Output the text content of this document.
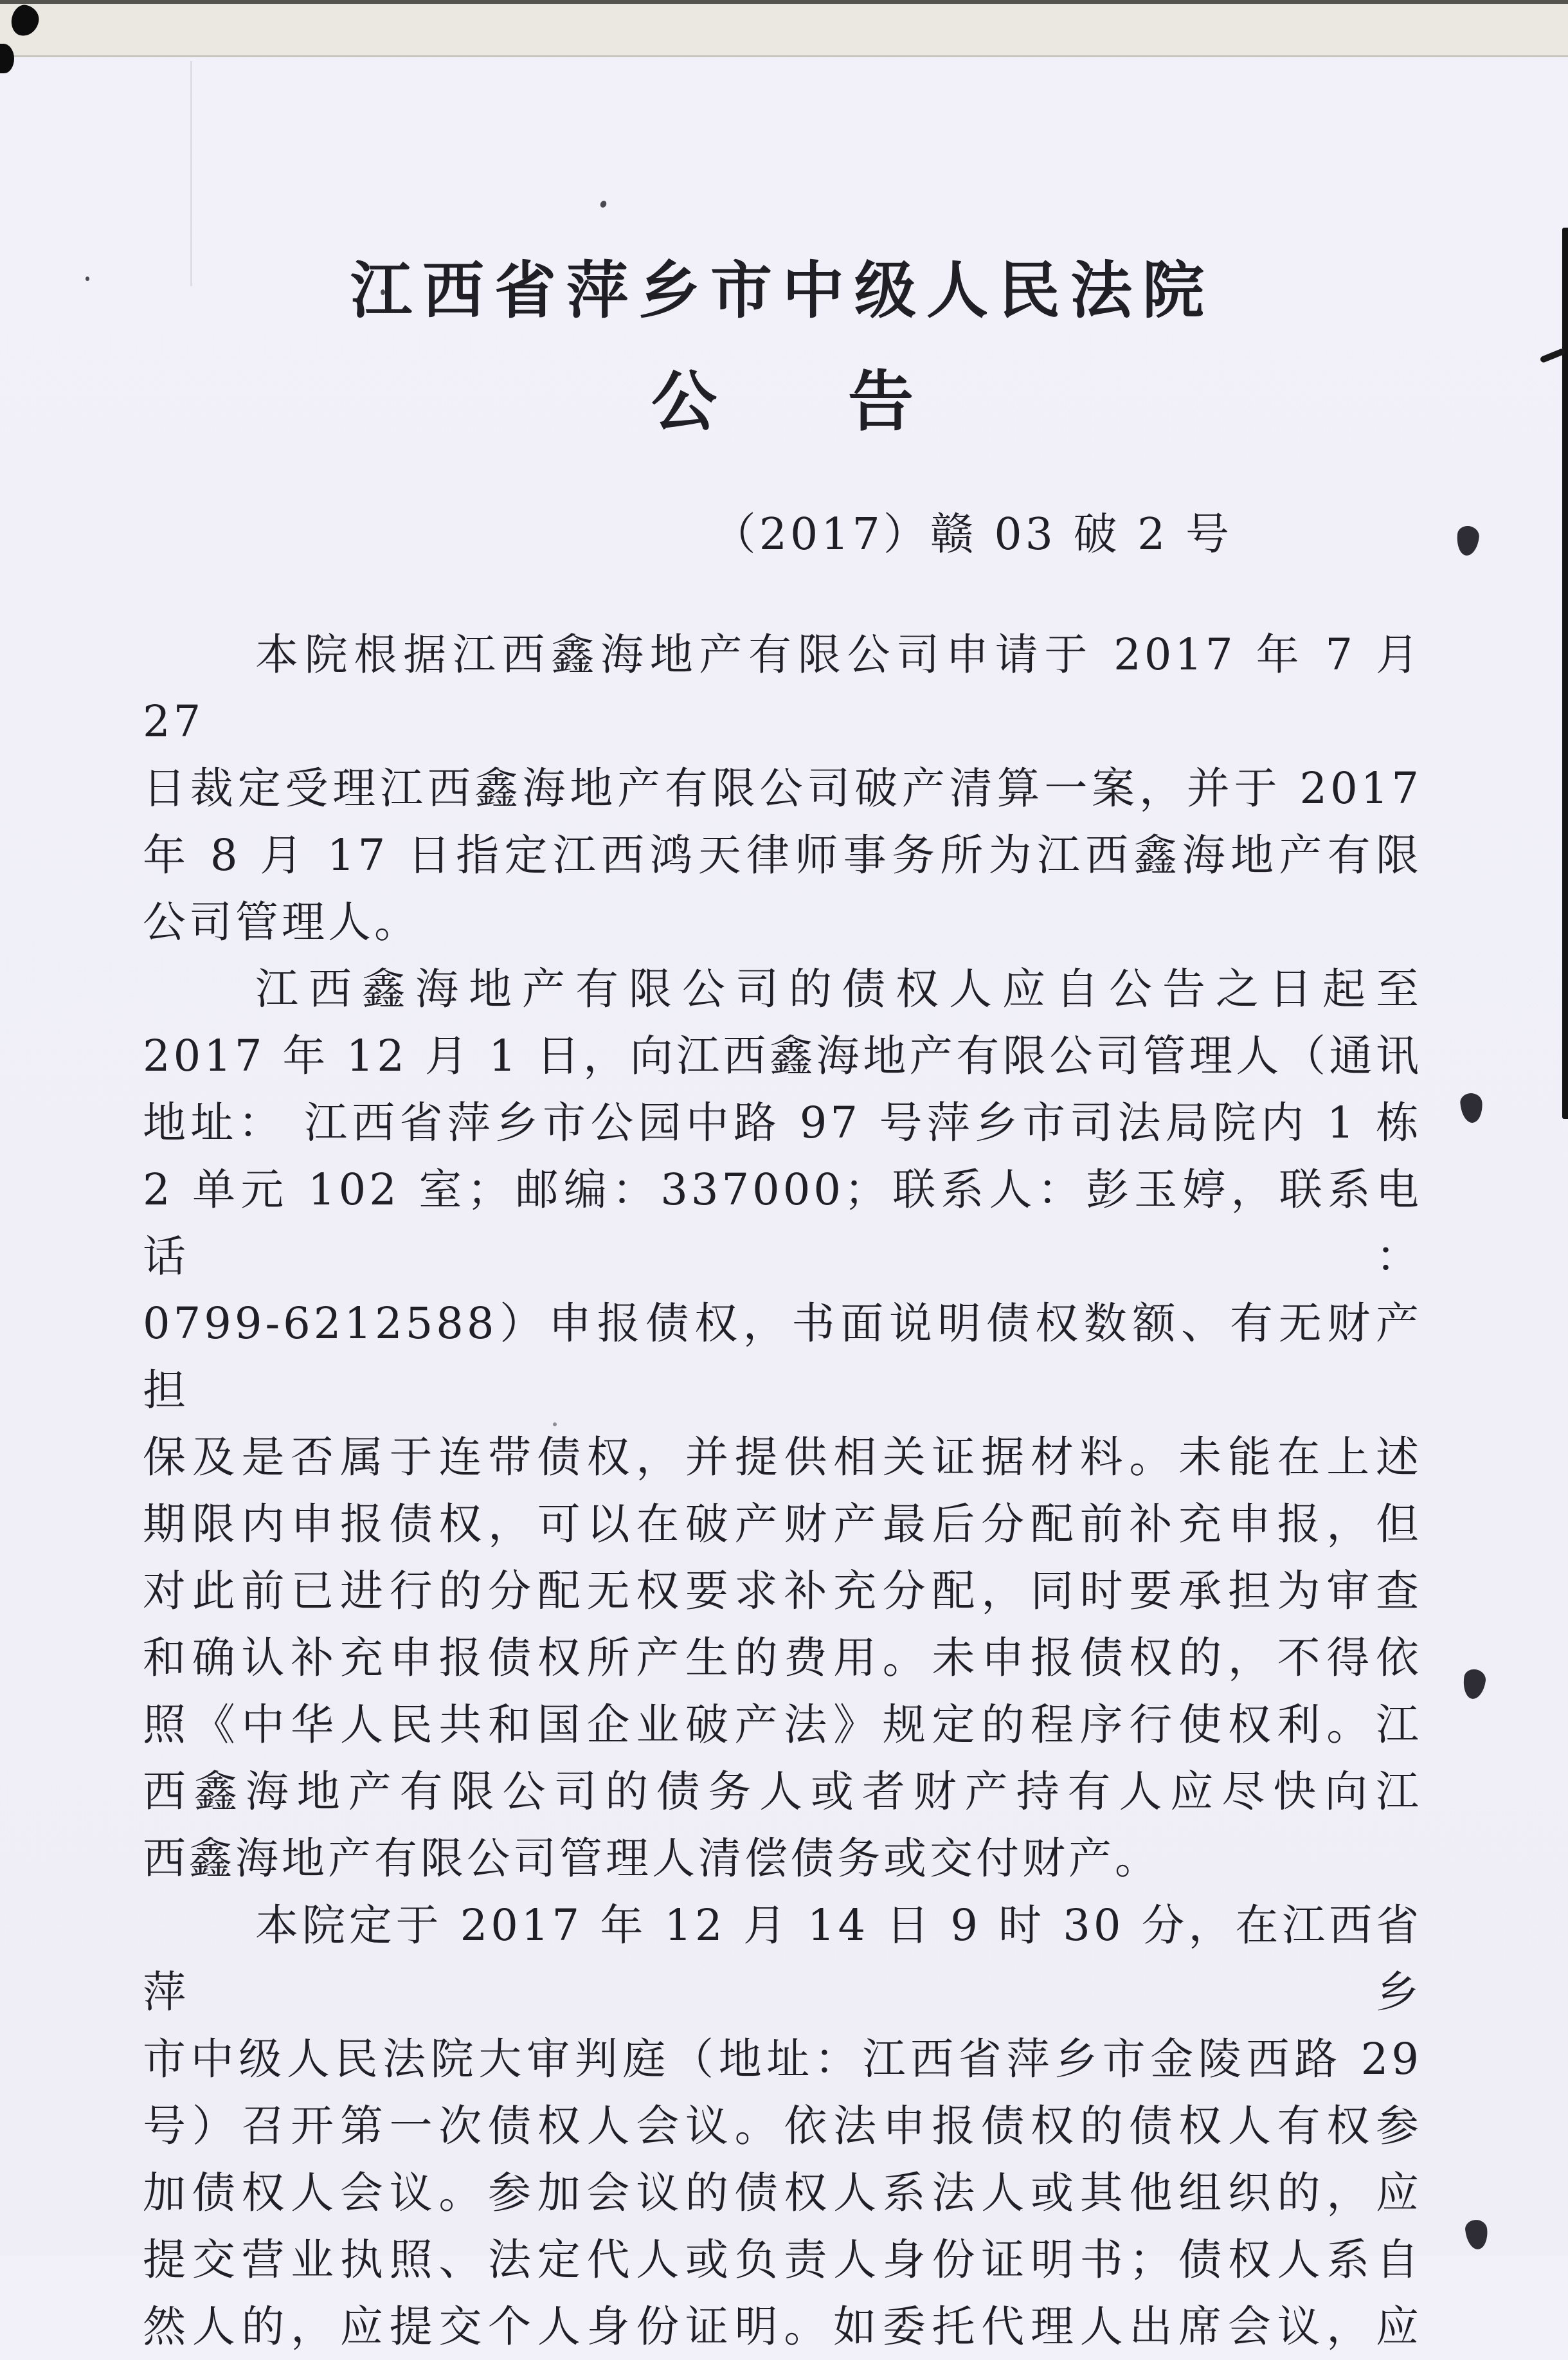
江西省萍乡市中级人民法院
公　　告
（2017）赣 03 破 2 号
本院根据江西鑫海地产有限公司申请于 2017 年 7 月 27
日裁定受理江西鑫海地产有限公司破产清算一案，并于 2017
年 8 月 17 日指定江西鸿天律师事务所为江西鑫海地产有限
公司管理人。
江西鑫海地产有限公司的债权人应自公告之日起至
2017 年 12 月 1 日，向江西鑫海地产有限公司管理人（通讯
地址： 江西省萍乡市公园中路 97 号萍乡市司法局院内 1 栋
2 单元 102 室；邮编：337000；联系人：彭玉婷，联系电话：
0799-6212588）申报债权，书面说明债权数额、有无财产担
保及是否属于连带债权，并提供相关证据材料。未能在上述
期限内申报债权，可以在破产财产最后分配前补充申报，但
对此前已进行的分配无权要求补充分配，同时要承担为审查
和确认补充申报债权所产生的费用。未申报债权的，不得依
照《中华人民共和国企业破产法》规定的程序行使权利。江
西鑫海地产有限公司的债务人或者财产持有人应尽快向江
西鑫海地产有限公司管理人清偿债务或交付财产。
本院定于 2017 年 12 月 14 日 9 时 30 分，在江西省萍乡
市中级人民法院大审判庭（地址：江西省萍乡市金陵西路 29
号）召开第一次债权人会议。依法申报债权的债权人有权参
加债权人会议。参加会议的债权人系法人或其他组织的，应
提交营业执照、法定代人或负责人身份证明书；债权人系自
然人的，应提交个人身份证明。如委托代理人出席会议，应
